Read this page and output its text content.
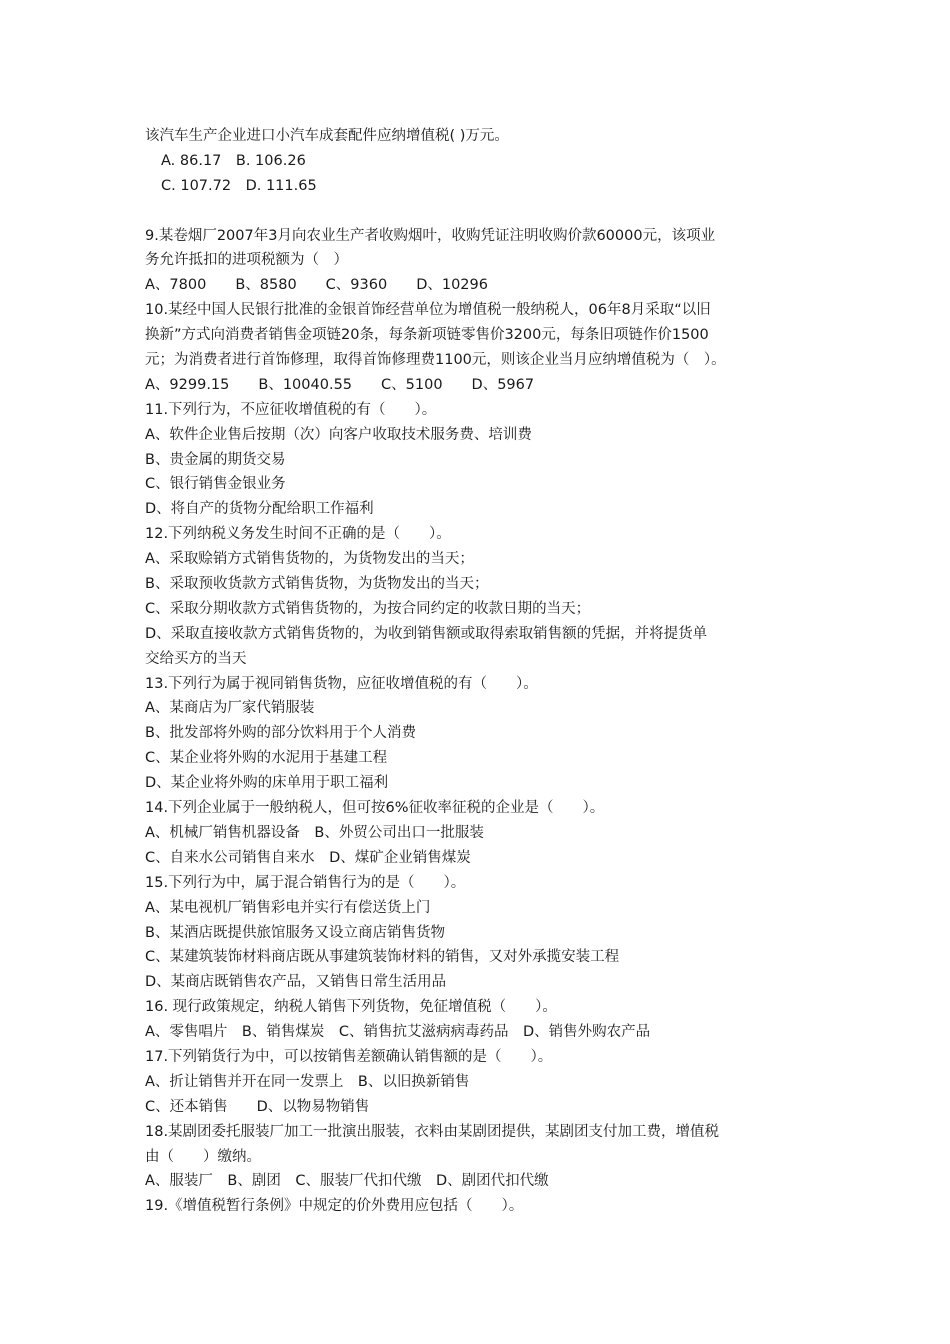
该汽车生产企业进口小汽车成套配件应纳增值税( )万元。
A. 86.17　B. 106.26
C. 107.72　D. 111.65
9.某卷烟厂2007年3月向农业生产者收购烟叶，收购凭证注明收购价款60000元，该项业
务允许抵扣的进项税额为（　）
A、7800　　B、8580　　C、9360　　D、10296
10.某经中国人民银行批准的金银首饰经营单位为增值税一般纳税人，06年8月采取“以旧
换新”方式向消费者销售金项链20条，每条新项链零售价3200元，每条旧项链作价1500
元；为消费者进行首饰修理，取得首饰修理费1100元，则该企业当月应纳增值税为（　）。
A、9299.15　　B、10040.55　　C、5100　　D、5967
11.下列行为，不应征收增值税的有（　　）。
A、软件企业售后按期（次）向客户收取技术服务费、培训费
B、贵金属的期货交易
C、银行销售金银业务
D、将自产的货物分配给职工作福利
12.下列纳税义务发生时间不正确的是（　　）。
A、采取赊销方式销售货物的，为货物发出的当天；
B、采取预收货款方式销售货物，为货物发出的当天；
C、采取分期收款方式销售货物的，为按合同约定的收款日期的当天；
D、采取直接收款方式销售货物的，为收到销售额或取得索取销售额的凭据，并将提货单
交给买方的当天
13.下列行为属于视同销售货物，应征收增值税的有（　　）。
A、某商店为厂家代销服装
B、批发部将外购的部分饮料用于个人消费
C、某企业将外购的水泥用于基建工程
D、某企业将外购的床单用于职工福利
14.下列企业属于一般纳税人，但可按6%征收率征税的企业是（　　）。
A、机械厂销售机器设备　B、外贸公司出口一批服装
C、自来水公司销售自来水　D、煤矿企业销售煤炭
15.下列行为中，属于混合销售行为的是（　　）。
A、某电视机厂销售彩电并实行有偿送货上门
B、某酒店既提供旅馆服务又设立商店销售货物
C、某建筑装饰材料商店既从事建筑装饰材料的销售，又对外承揽安装工程
D、某商店既销售农产品，又销售日常生活用品
16. 现行政策规定，纳税人销售下列货物，免征增值税（　　）。
A、零售唱片　B、销售煤炭　C、销售抗艾滋病病毒药品　D、销售外购农产品
17.下列销货行为中，可以按销售差额确认销售额的是（　　）。
A、折让销售并开在同一发票上　B、以旧换新销售
C、还本销售　　D、以物易物销售
18.某剧团委托服装厂加工一批演出服装，衣料由某剧团提供，某剧团支付加工费，增值税
由（　　）缴纳。
A、服装厂　B、剧团　C、服装厂代扣代缴　D、剧团代扣代缴
19.《增值税暂行条例》中规定的价外费用应包括（　　）。
